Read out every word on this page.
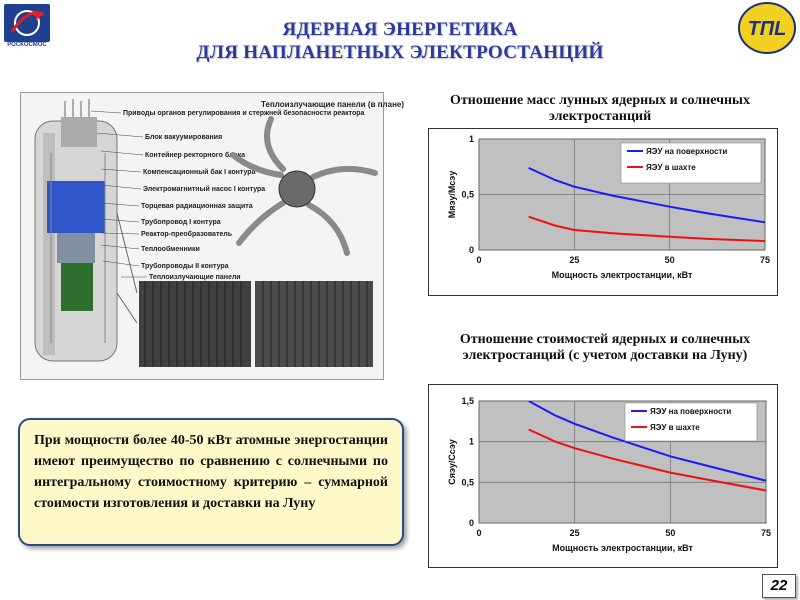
РОСКОСМОС
TПL
ЯДЕРНАЯ ЭНЕРГЕТИКА
ДЛЯ НАПЛАНЕТНЫХ ЭЛЕКТРОСТАНЦИЙ
Приводы органов регулирования и стержней безопасности реактора
Блок вакуумирования
Контейнер ректорного блока
Компенсационный бак I контура
Электромагнитный насос I контура
Торцевая радиационная защита
Трубопровод I контура
Реактор-преобразователь
Теплообменники
Трубопроводы II контура
Теплоизлучающие панели
Теплоизлучающие панели (в плане)	Отношение масс лунных ядерных и солнечных электростанций
0	25	50	75
0
0,5
1
Мощность электростанции, кВт
Мяэу/Мсэу
ЯЭУ на поверхности
ЯЭУ в шахте
Отношение стоимостей ядерных и солнечных электростанций (с учетом доставки на Луну)
0	25	50	75
0
0,5
1
1,5
Мощность электростанции, кВт
Сяэу/Ссэу
ЯЭУ на поверхности
ЯЭУ в шахте

При мощности более 40-50 кВт атомные энергостанции имеют преимущество по сравнению с солнечными по интегральному стоимостному критерию – суммарной стоимости изготовления и доставки на Луну

22
